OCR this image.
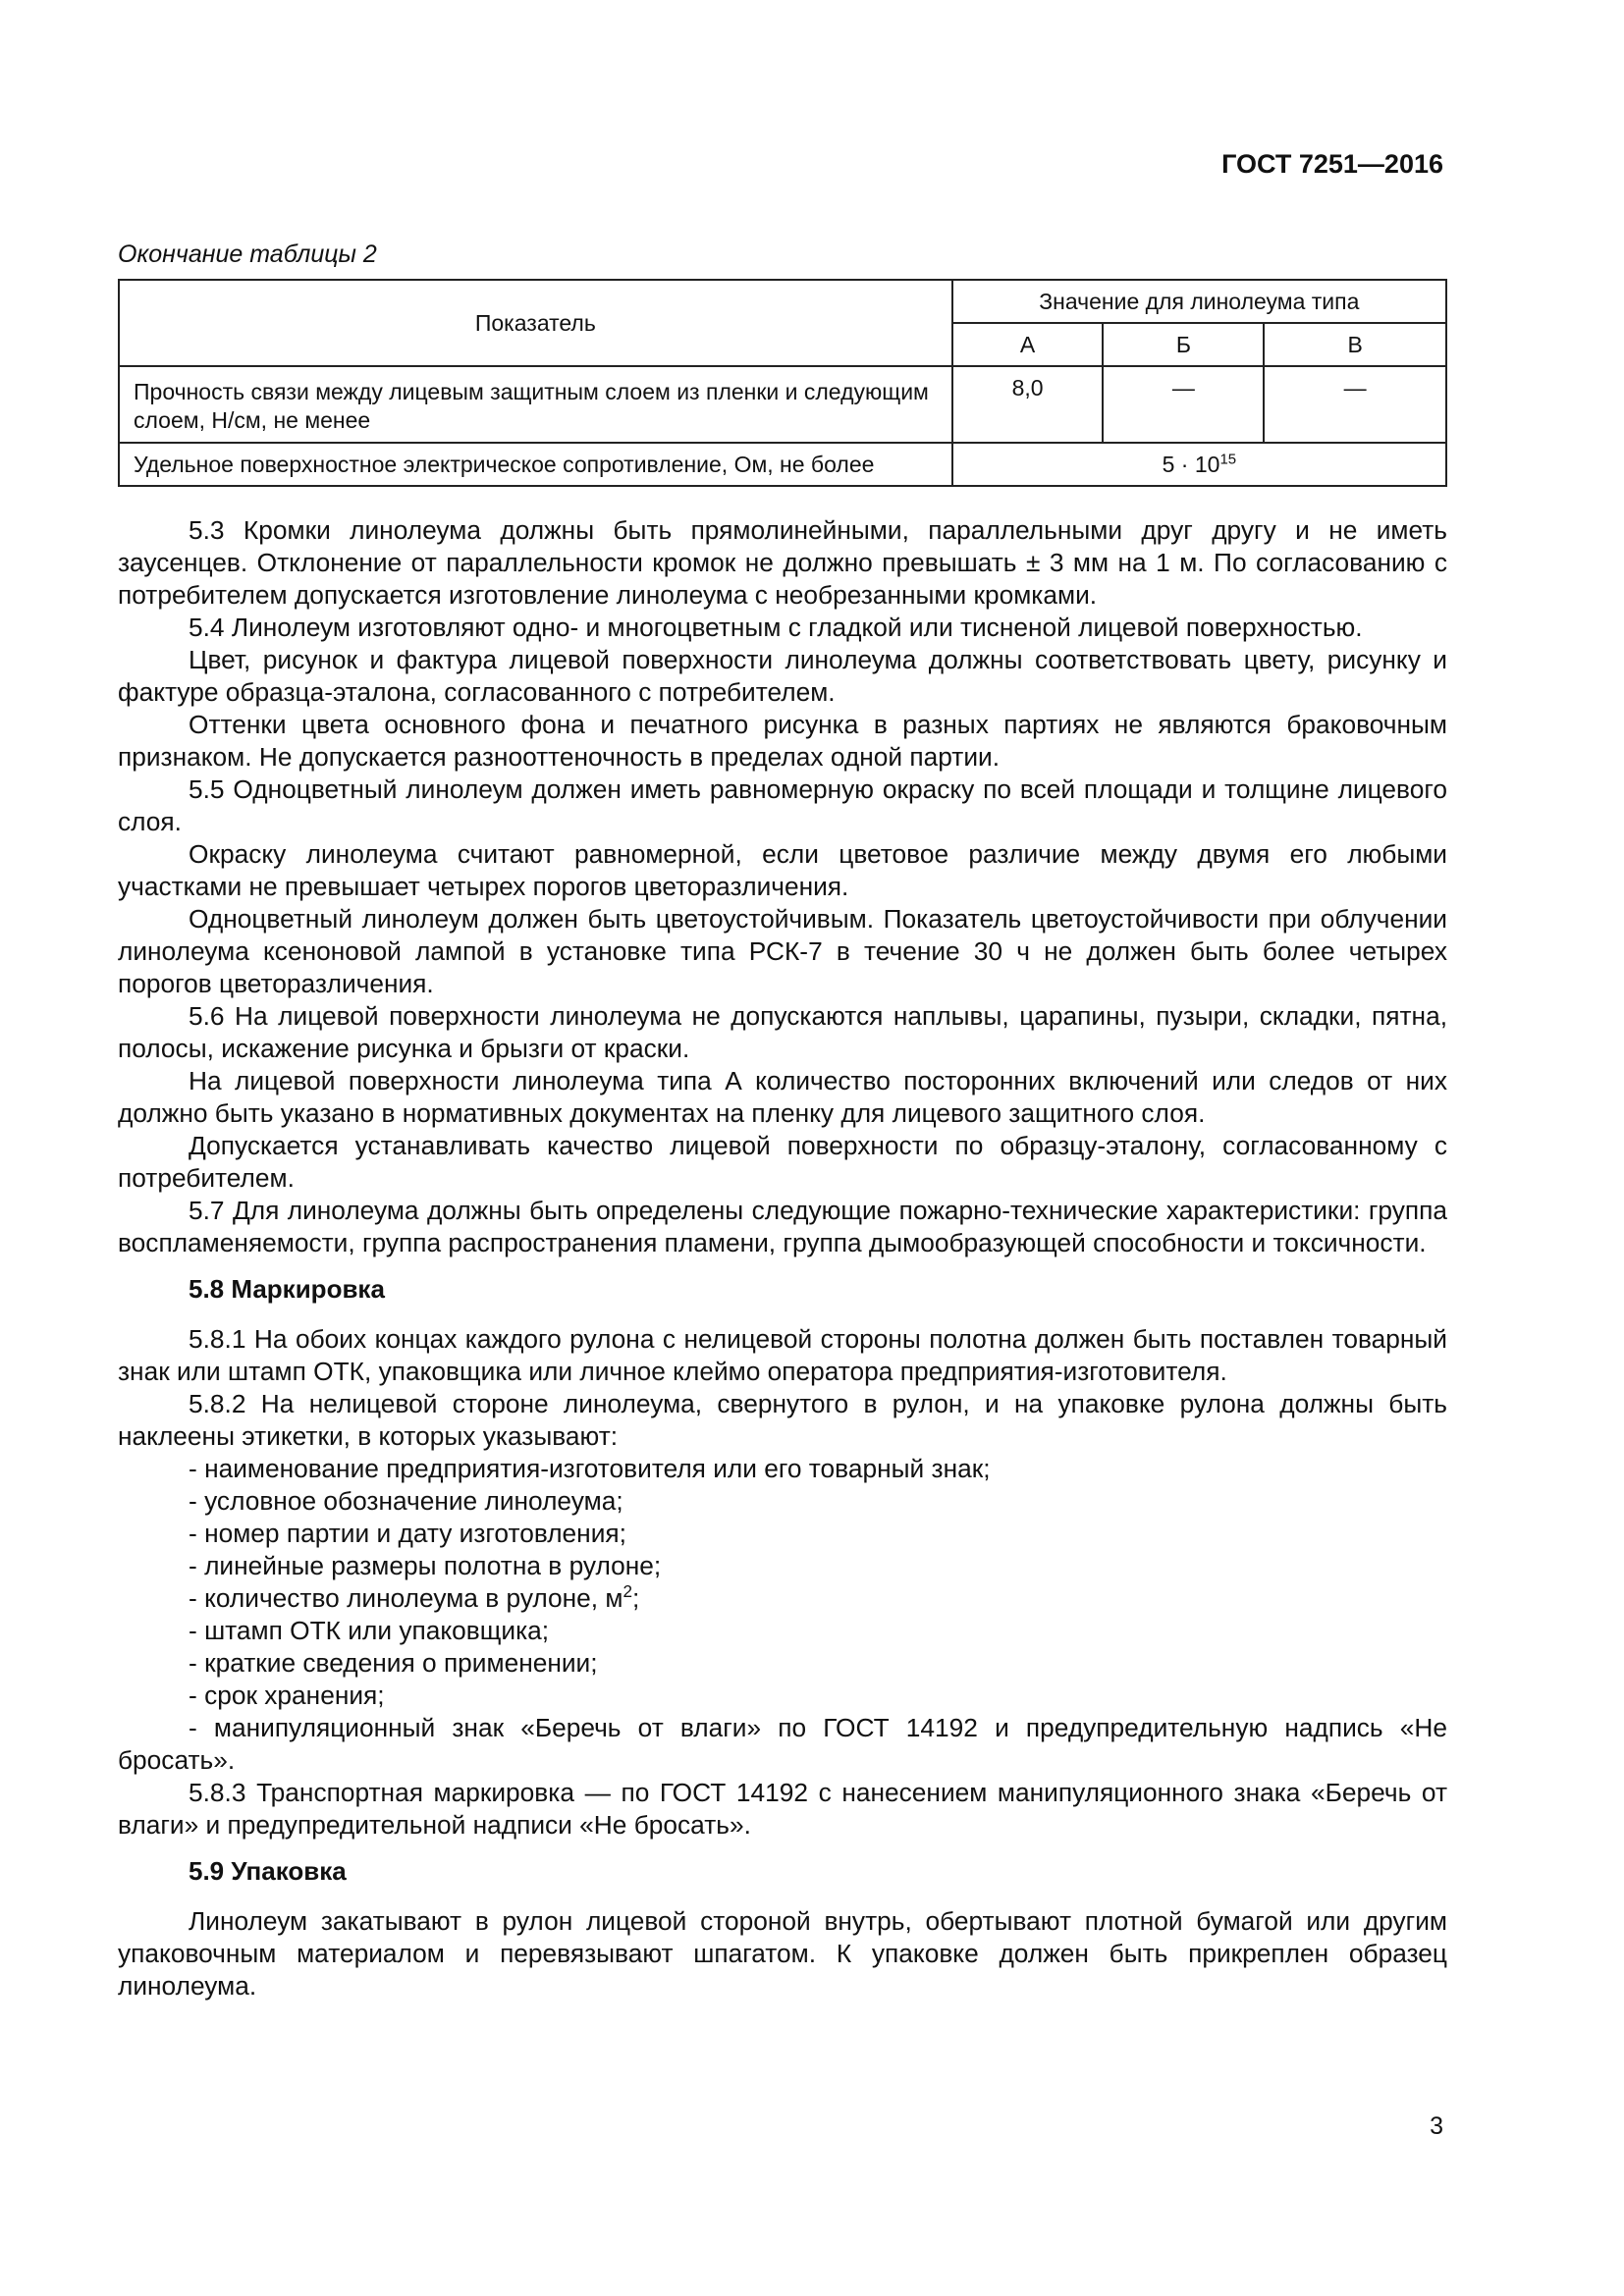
ГОСТ 7251—2016
Окончание таблицы 2
Показатель	Значение для линолеума типа		
	А	Б	В
Прочность связи между лицевым защитным слоем из пленки и следующим слоем, Н/см, не менее	8,0	—	—
Удельное поверхностное электрическое сопротивление, Ом, не более	$5 \cdot 10^{15}$

5.3 Кромки линолеума должны быть прямолинейными, параллельными друг другу и не иметь заусенцев. Отклонение от параллельности кромок не должно превышать ± 3 мм на 1 м. По согласованию с потребителем допускается изготовление линолеума с необрезанными кромками.

5.4 Линолеум изготовляют одно- и многоцветным с гладкой или тисненой лицевой поверхностью.

Цвет, рисунок и фактура лицевой поверхности линолеума должны соответствовать цвету, рисунку и фактуре образца-эталона, согласованного с потребителем.

Оттенки цвета основного фона и печатного рисунка в разных партиях не являются браковочным признаком. Не допускается разнооттеночность в пределах одной партии.

5.5 Одноцветный линолеум должен иметь равномерную окраску по всей площади и толщине лицевого слоя.

Окраску линолеума считают равномерной, если цветовое различие между двумя его любыми участками не превышает четырех порогов цветоразличения.

Одноцветный линолеум должен быть цветоустойчивым. Показатель цветоустойчивости при облучении линолеума ксеноновой лампой в установке типа РСК-7 в течение 30 ч не должен быть более четырех порогов цветоразличения.

5.6 На лицевой поверхности линолеума не допускаются наплывы, царапины, пузыри, складки, пятна, полосы, искажение рисунка и брызги от краски.

На лицевой поверхности линолеума типа А количество посторонних включений или следов от них должно быть указано в нормативных документах на пленку для лицевого защитного слоя.

Допускается устанавливать качество лицевой поверхности по образцу-эталону, согласованному с потребителем.

5.7 Для линолеума должны быть определены следующие пожарно-технические характеристики: группа воспламеняемости, группа распространения пламени, группа дымообразующей способности и токсичности.

5.8 Маркировка

5.8.1 На обоих концах каждого рулона с нелицевой стороны полотна должен быть поставлен товарный знак или штамп ОТК, упаковщика или личное клеймо оператора предприятия-изготовителя.

5.8.2 На нелицевой стороне линолеума, свернутого в рулон, и на упаковке рулона должны быть наклеены этикетки, в которых указывают:

- наименование предприятия-изготовителя или его товарный знак;

- условное обозначение линолеума;

- номер партии и дату изготовления;

- линейные размеры полотна в рулоне;

- количество линолеума в рулоне, $м^2$;

- штамп ОТК или упаковщика;

- краткие сведения о применении;

- срок хранения;

- манипуляционный знак «Беречь от влаги» по ГОСТ 14192 и предупредительную надпись «Не бросать».

5.8.3 Транспортная маркировка — по ГОСТ 14192 с нанесением манипуляционного знака «Беречь от влаги» и предупредительной надписи «Не бросать».

5.9 Упаковка

Линолеум закатывают в рулон лицевой стороной внутрь, обертывают плотной бумагой или другим упаковочным материалом и перевязывают шпагатом. К упаковке должен быть прикреплен образец линолеума.

3
